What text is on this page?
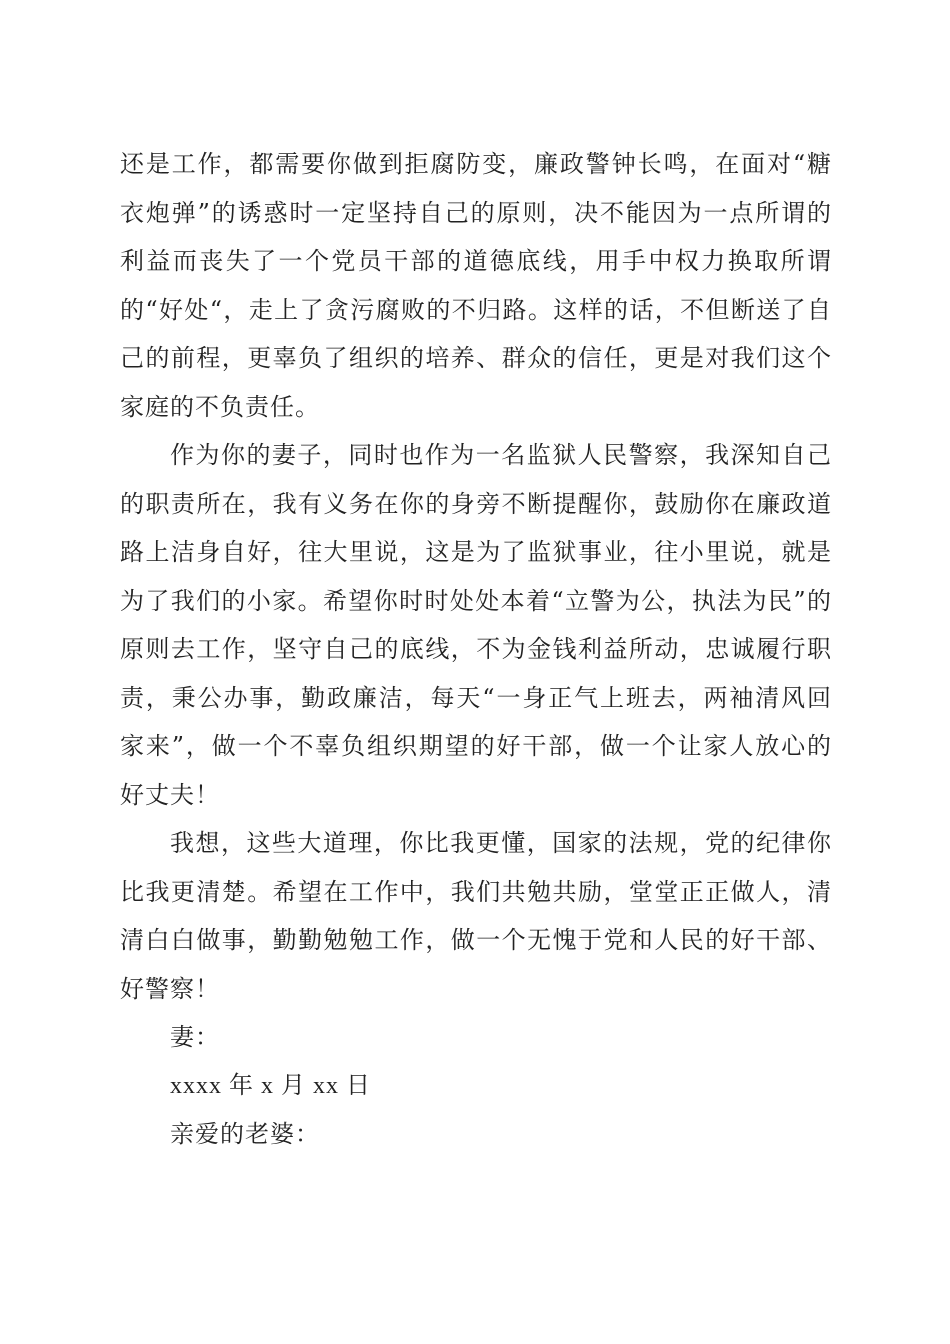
还是工作，都需要你做到拒腐防变，廉政警钟长鸣，在面对“糖衣炮弹”的诱惑时一定坚持自己的原则，决不能因为一点所谓的利益而丧失了一个党员干部的道德底线，用手中权力换取所谓的“好处“，走上了贪污腐败的不归路。这样的话，不但断送了自己的前程，更辜负了组织的培养、群众的信任，更是对我们这个家庭的不负责任。

作为你的妻子，同时也作为一名监狱人民警察，我深知自己的职责所在，我有义务在你的身旁不断提醒你，鼓励你在廉政道路上洁身自好，往大里说，这是为了监狱事业，往小里说，就是为了我们的小家。希望你时时处处本着“立警为公，执法为民”的原则去工作，坚守自己的底线，不为金钱利益所动，忠诚履行职责，秉公办事，勤政廉洁，每天“一身正气上班去，两袖清风回家来”，做一个不辜负组织期望的好干部，做一个让家人放心的好丈夫！

我想，这些大道理，你比我更懂，国家的法规，党的纪律你比我更清楚。希望在工作中，我们共勉共励，堂堂正正做人，清清白白做事，勤勤勉勉工作，做一个无愧于党和人民的好干部、好警察！

妻：

xxxx 年 x 月 xx 日

亲爱的老婆：
